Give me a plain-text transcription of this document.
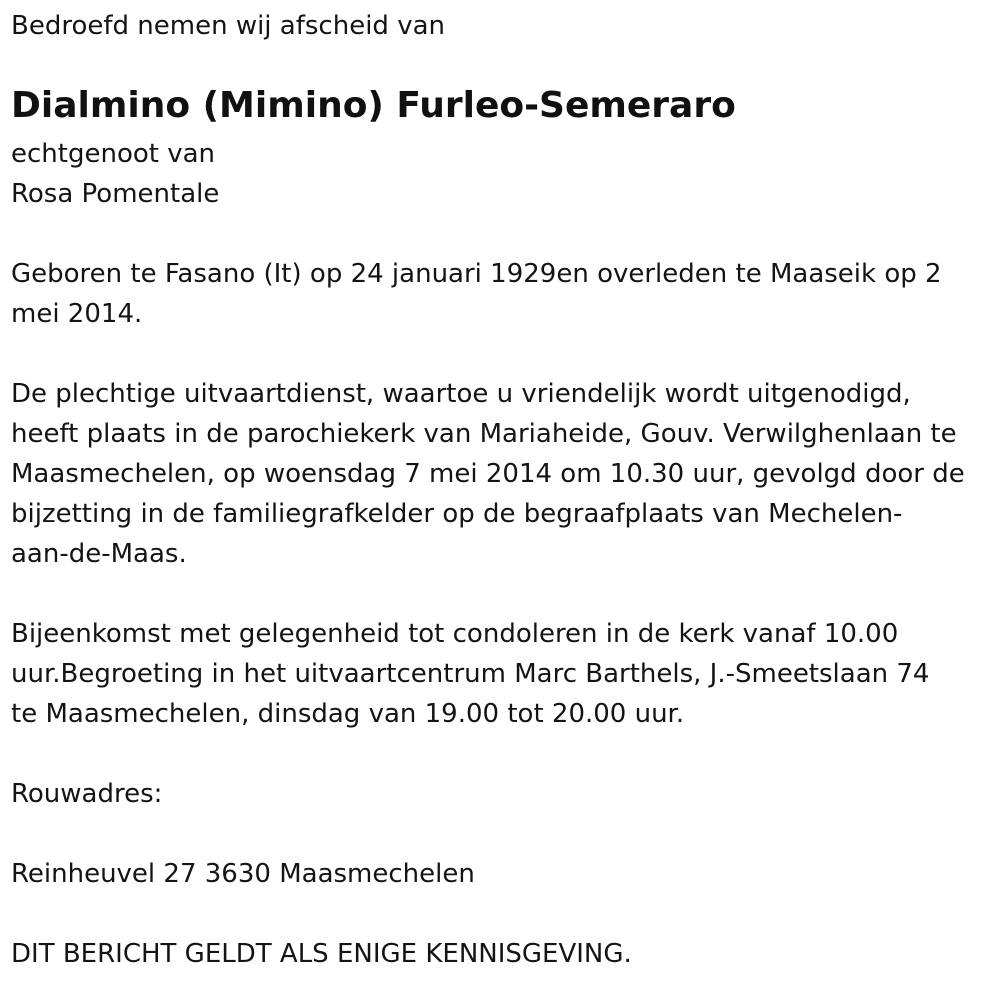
Bedroefd nemen wij afscheid van

Dialmino (Mimino) Furleo-Semeraro

echtgenoot van

Rosa Pomentale

Geboren te Fasano (It) op 24 januari 1929en overleden te Maaseik op 2
mei 2014.
De plechtige uitvaartdienst, waartoe u vriendelijk wordt uitgenodigd,
heeft plaats in de parochiekerk van Mariaheide, Gouv. Verwilghenlaan te
Maasmechelen, op woensdag 7 mei 2014 om 10.30 uur, gevolgd door de
bijzetting in de familiegrafkelder op de begraafplaats van Mechelen-
aan-de-Maas.
Bijeenkomst met gelegenheid tot condoleren in de kerk vanaf 10.00
uur.Begroeting in het uitvaartcentrum Marc Barthels, J.-Smeetslaan 74
te Maasmechelen, dinsdag van 19.00 tot 20.00 uur.

Rouwadres:

Reinheuvel 27 3630 Maasmechelen

DIT BERICHT GELDT ALS ENIGE KENNISGEVING.
